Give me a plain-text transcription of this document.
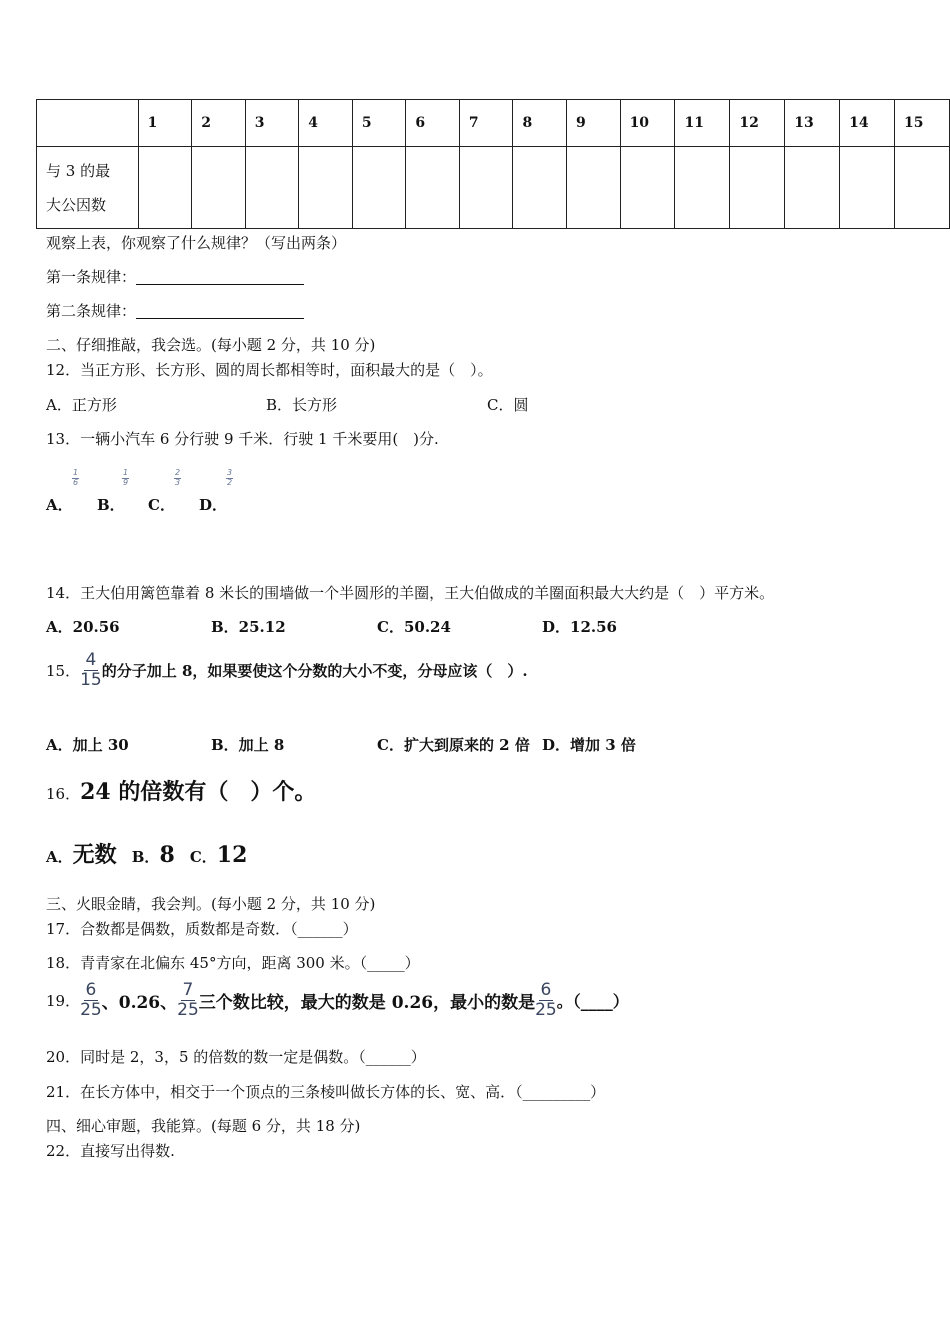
	1	2	3	4	5	6	7	8	9	10	11	12	13	14	15

与 3 的最
大公因数															

观察上表，你观察了什么规律？（写出两条）
第一条规律：
第二条规律：
二、仔细推敲，我会选。(每小题 2 分，共 10 分)
12．当正方形、长方形、圆的周长都相等时，面积最大的是（　）。
A．正方形	B．长方形	C．圆
13．一辆小汽车 6 分行驶 9 千米．行驶 1 千米要用(　)分.
A．
$\frac{1}{6}$
B．
$\frac{1}{9}$
C．
$\frac{2}{3}$
D．
$\frac{3}{2}$
14．王大伯用篱笆靠着 8 米长的围墙做一个半圆形的羊圈，王大伯做成的羊圈面积最大大约是（　）平方米。
A．20.56	B．25.12	C．50.24	D．12.56
15． $\frac{4}{15}$ 的分子加上 8，如果要使这个分数的大小不变，分母应该（　）.
A．加上 30	B．加上 8	C．扩大到原来的 2 倍 D．增加 3 倍
16．24 的倍数有（　）个。
A．无数 B．8 C．12
三、火眼金睛，我会判。(每小题 2 分，共 10 分)
17．合数都是偶数，质数都是奇数．（______）
18．青青家在北偏东 45°方向，距离 300 米。（_____）
19． $\frac{6}{25}$ 、0.26、 $\frac{7}{25}$ 三个数比较，最大的数是 0.26，最小的数是 $\frac{6}{25}$ 。（____）
20．同时是 2，3，5 的倍数的数一定是偶数。（______）
21．在长方体中，相交于一个顶点的三条棱叫做长方体的长、宽、高．（_________）
四、细心审题，我能算。(每题 6 分，共 18 分)
22．直接写出得数.
